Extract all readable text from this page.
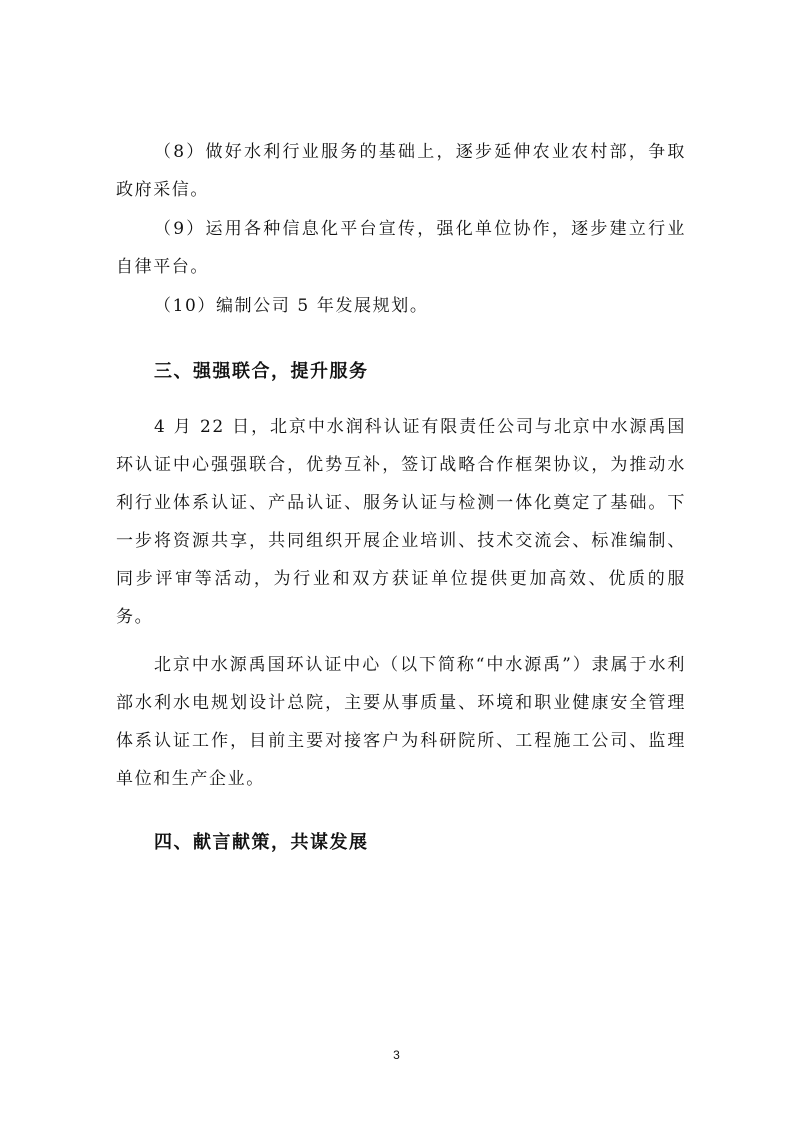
（8）做好水利行业服务的基础上，逐步延伸农业农村部，争取政府采信。

（9）运用各种信息化平台宣传，强化单位协作，逐步建立行业自律平台。

（10）编制公司 5 年发展规划。

三、强强联合，提升服务

4 月 22 日，北京中水润科认证有限责任公司与北京中水源禹国环认证中心强强联合，优势互补，签订战略合作框架协议，为推动水利行业体系认证、产品认证、服务认证与检测一体化奠定了基础。下一步将资源共享，共同组织开展企业培训、技术交流会、标准编制、同步评审等活动，为行业和双方获证单位提供更加高效、优质的服务。

北京中水源禹国环认证中心（以下简称“中水源禹”）隶属于水利部水利水电规划设计总院，主要从事质量、环境和职业健康安全管理体系认证工作，目前主要对接客户为科研院所、工程施工公司、监理单位和生产企业。

四、献言献策，共谋发展
3
